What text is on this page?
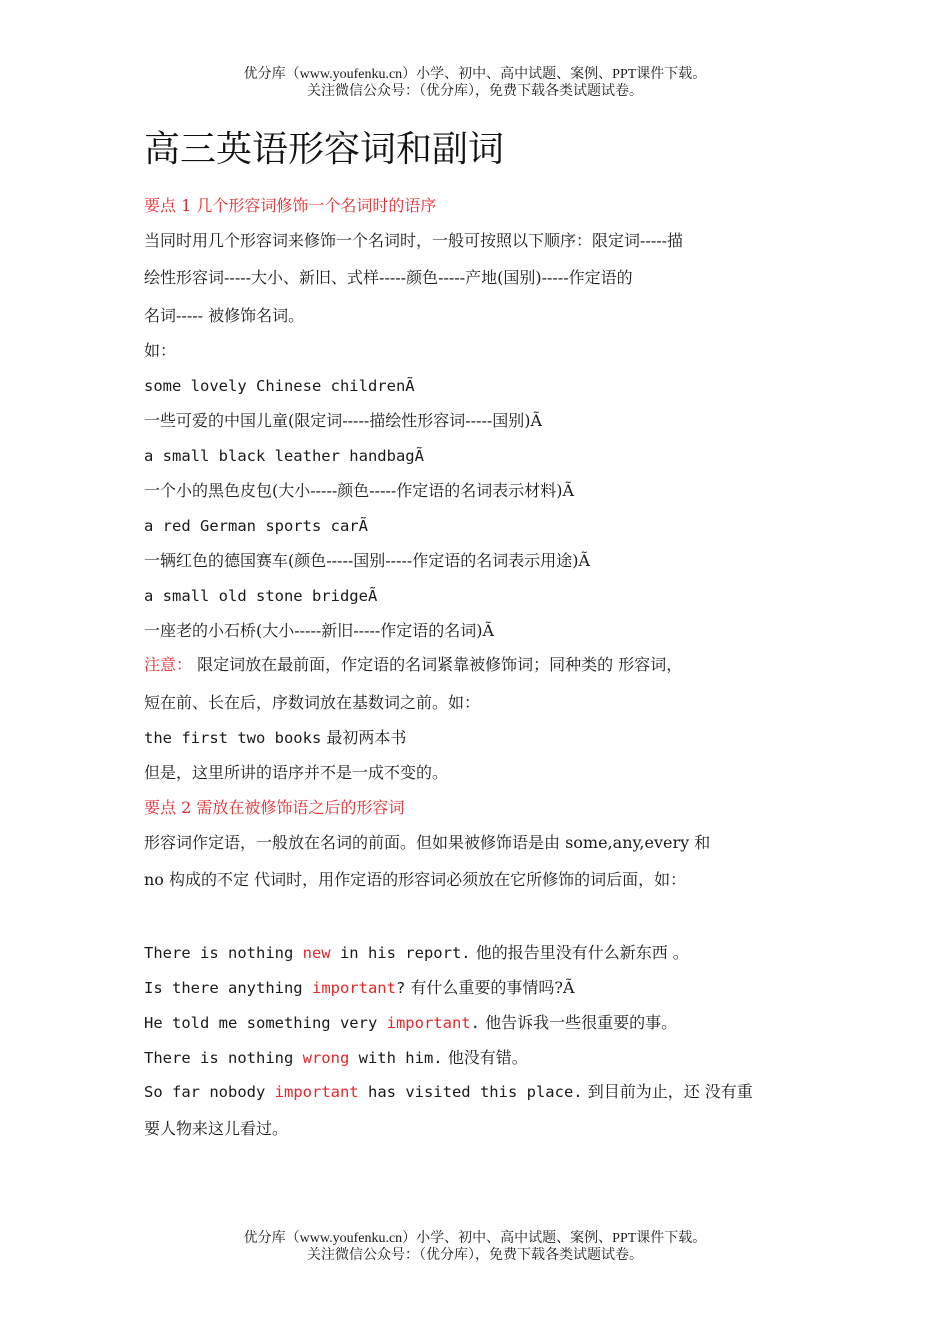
优分库（www.youfenku.cn）小学、初中、高中试题、案例、PPT课件下载。
关注微信公众号：（优分库），免费下载各类试题试卷。
高三英语形容词和副词
要点 1 几个形容词修饰一个名词时的语序
当同时用几个形容词来修饰一个名词时，一般可按照以下顺序：限定词-----描
绘性形容词-----大小、新旧、式样-----颜色-----产地(国别)-----作定语的
名词----- 被修饰名词。
如：
some lovely Chinese childrenÃ
一些可爱的中国儿童(限定词-----描绘性形容词-----国别)Ã
a small black leather handbagÃ
一个小的黑色皮包(大小-----颜色-----作定语的名词表示材料)Ã
a red German sports carÃ
一辆红色的德国赛车(颜色-----国别-----作定语的名词表示用途)Ã
a small old stone bridgeÃ
一座老的小石桥(大小-----新旧-----作定语的名词)Ã
注意： 限定词放在最前面，作定语的名词紧靠被修饰词；同种类的 形容词，
短在前、长在后，序数词放在基数词之前。如：
the first two books 最初两本书
但是，这里所讲的语序并不是一成不变的。
要点 2 需放在被修饰语之后的形容词
形容词作定语，一般放在名词的前面。但如果被修饰语是由 some,any,every 和
no 构成的不定 代词时，用作定语的形容词必须放在它所修饰的词后面，如：
There is nothing new in his report. 他的报告里没有什么新东西 。
Is there anything important? 有什么重要的事情吗?Ã
He told me something very important. 他告诉我一些很重要的事。
There is nothing wrong with him. 他没有错。
So far nobody important has visited this place. 到目前为止，还 没有重
要人物来这儿看过。
优分库（www.youfenku.cn）小学、初中、高中试题、案例、PPT课件下载。
关注微信公众号：（优分库），免费下载各类试题试卷。
